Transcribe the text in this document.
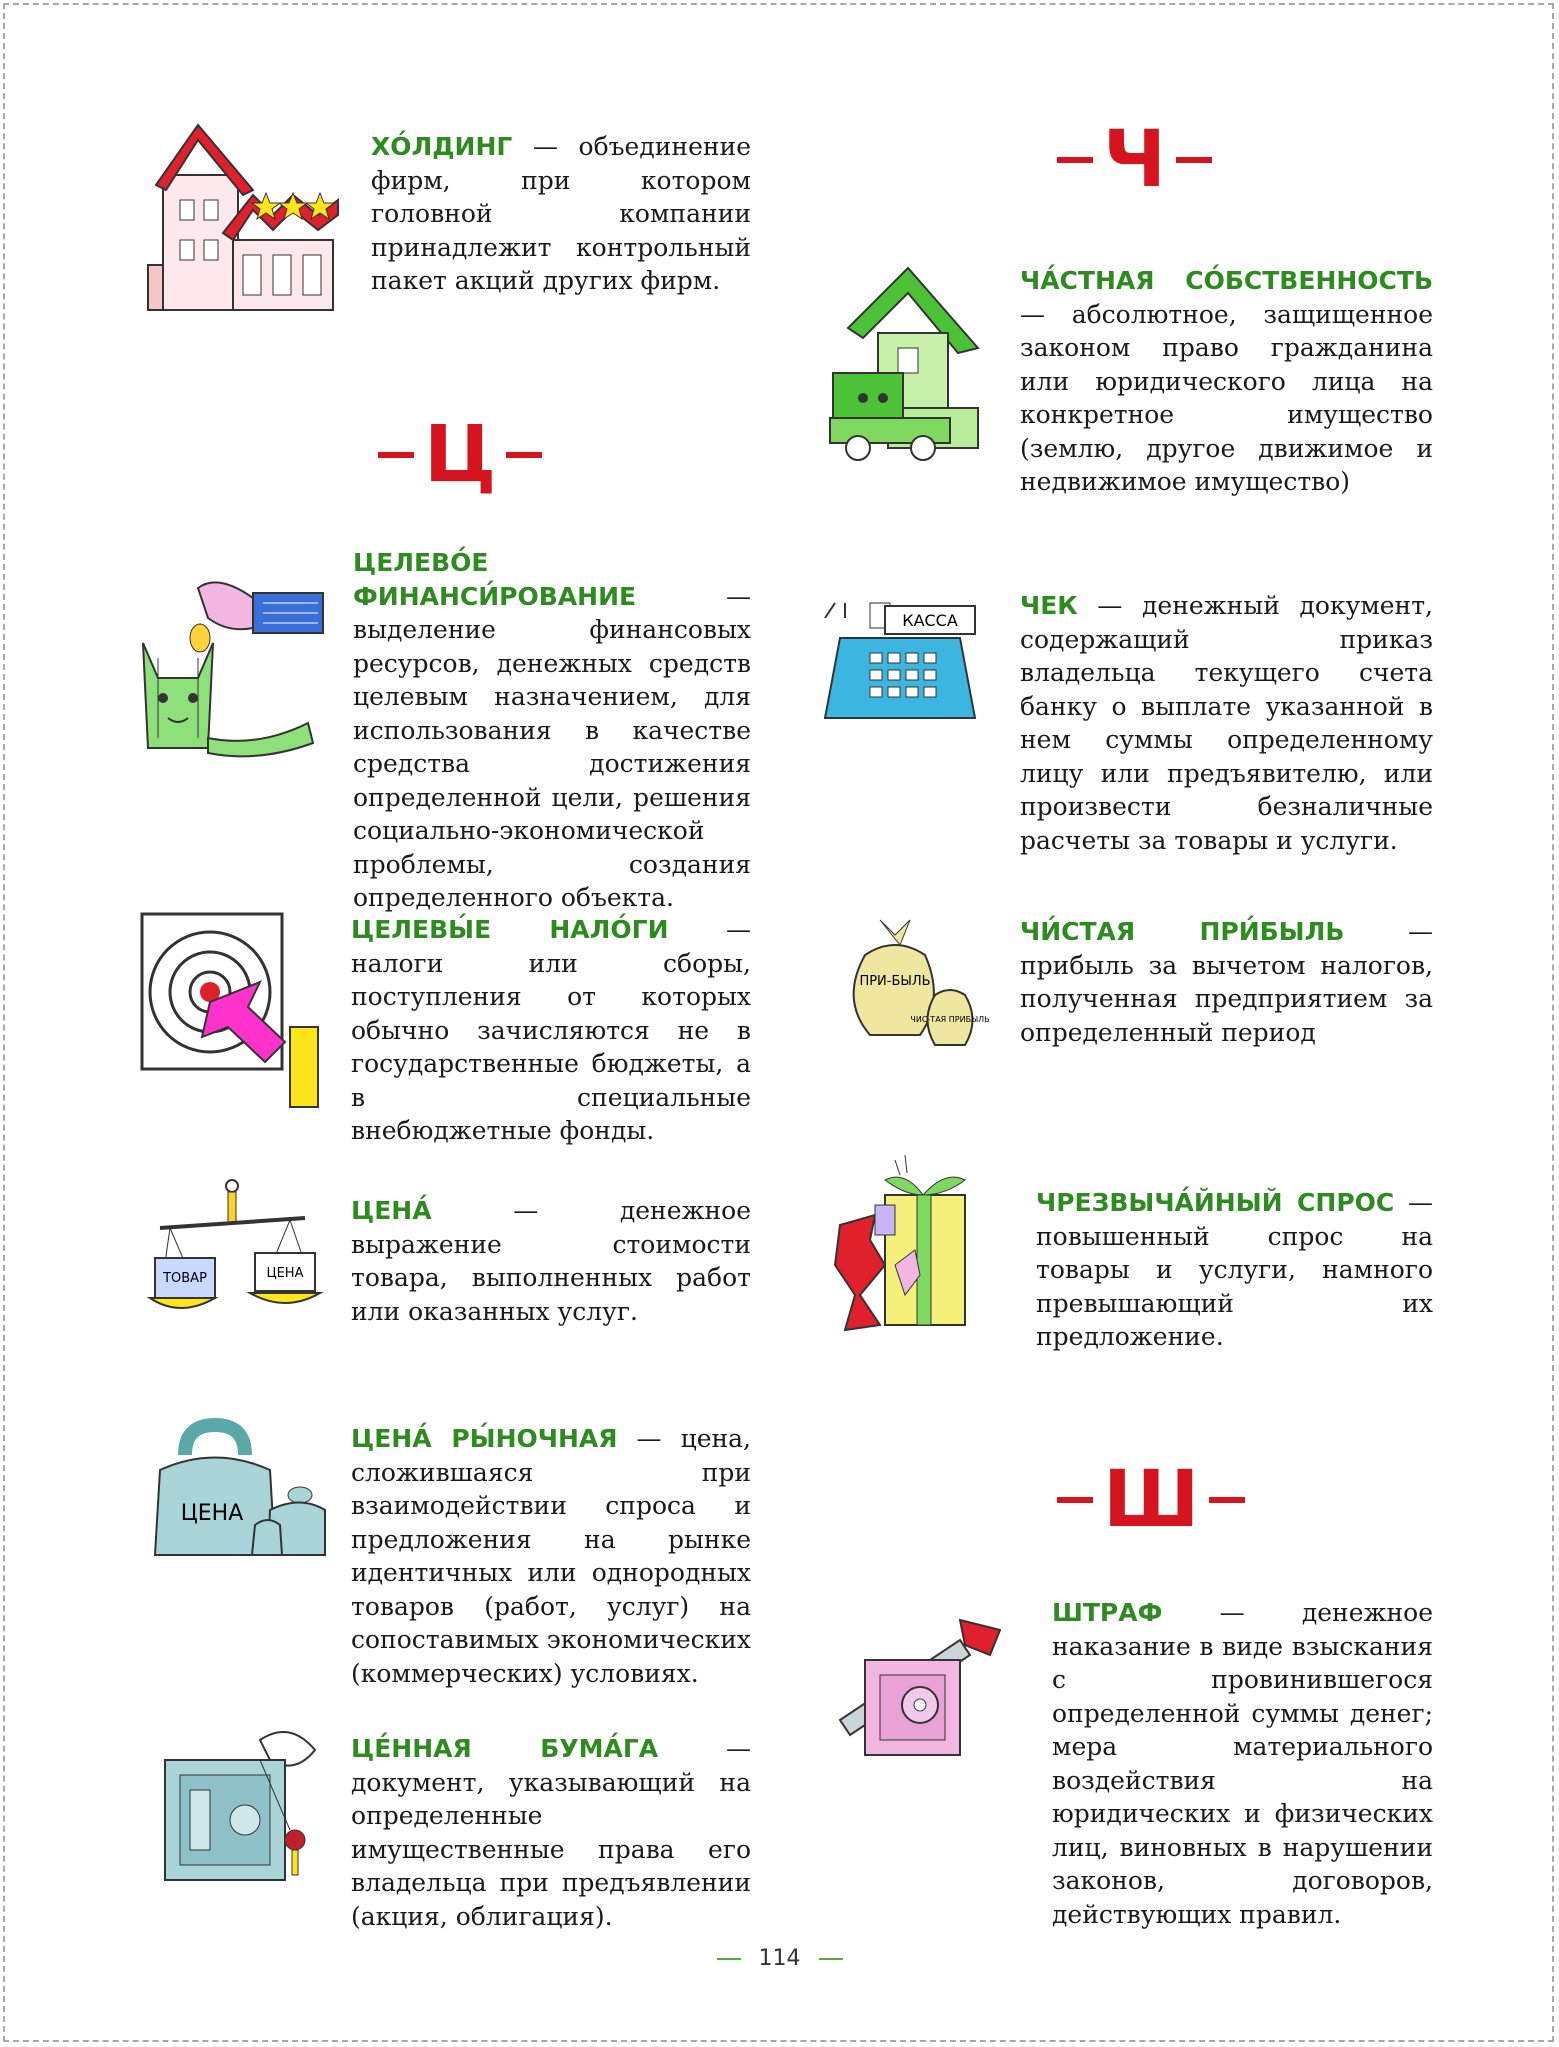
Ч
Ц
Ш

ХО́ЛДИНГ — объединение фирм, при котором головной компании принадлежит контрольный пакет акций других фирм.

ЦЕЛЕВО́Е ФИНАНСИ́РОВАНИЕ — выделение финансовых ресурсов, денежных средств целевым назначением, для использования в качестве средства достижения определенной цели, решения социально-экономической проблемы, создания определенного объекта.

ЦЕЛЕВЫ́Е НАЛО́ГИ — налоги или сборы, поступления от которых обычно зачисляются не в государственные бюджеты, а в специальные внебюджетные фонды.

ТОВАР	ЦЕНА

ЦЕНА́ — денежное выражение стоимости товара, выполненных работ или оказанных услуг.

ЦЕНА

ЦЕНА́ РЫ́НОЧНАЯ — цена, сложившаяся при взаимодействии спроса и предложения на рынке идентичных или однородных товаров (работ, услуг) на сопоставимых экономических (коммерческих) условиях.

ЦЕ́ННАЯ БУМА́ГА — документ, указывающий на определенные имущественные права его владельца при предъявлении (акция, облигация).

ЧА́СТНАЯ СО́БСТВЕННОСТЬ — абсолютное, защищенное законом право гражданина или юридического лица на конкретное имущество (землю, другое движимое и недвижимое имущество)

КАССА

ЧЕК — денежный документ, содержащий приказ владельца текущего счета банку о выплате указанной в нем суммы определенному лицу или предъявителю, или произвести безналичные расчеты за товары и услуги.

ПРИ-БЫЛЬ
ЧИС-ТАЯ ПРИБЫЛЬ

ЧИ́СТАЯ ПРИ́БЫЛЬ — прибыль за вычетом налогов, полученная предприятием за определенный период

ЧРЕЗВЫЧА́ЙНЫЙ СПРОС — повышенный спрос на товары и услуги, намного превышающий их предложение.

ШТРАФ — денежное наказание в виде взыскания с провинившегося определенной суммы денег; мера материального воздействия на юридических и физических лиц, виновных в нарушении законов, договоров, действующих правил.

114
